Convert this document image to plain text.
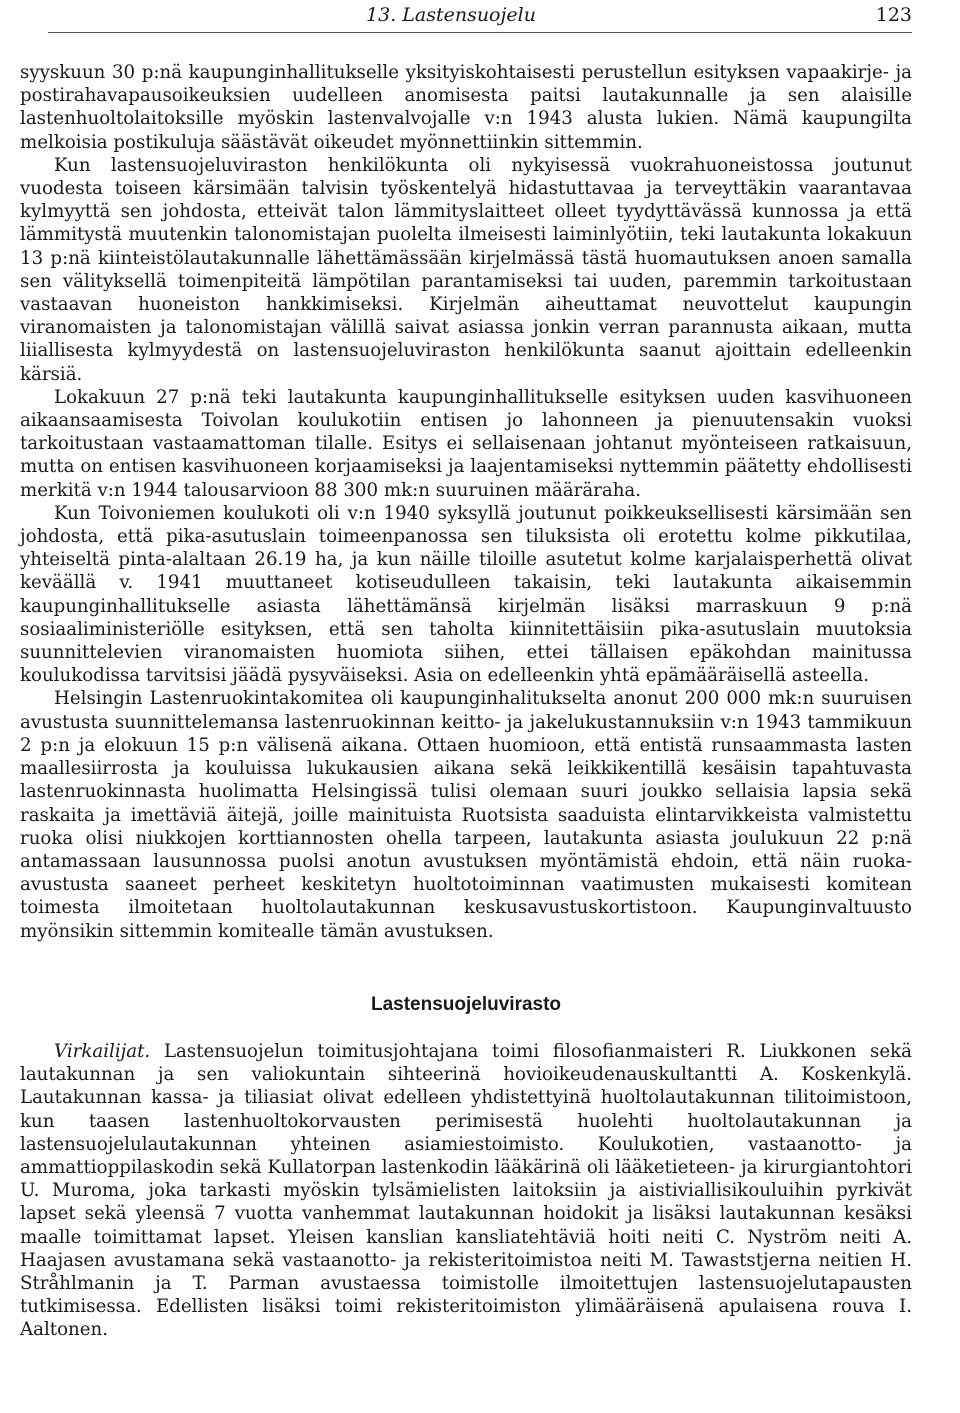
13. Lastensuojelu	123

syyskuun 30 p:nä kaupunginhallitukselle yksityiskohtaisesti perustellun esityksen vapaakirje- ja postirahavapausoikeuksien uudelleen anomisesta paitsi lautakunnalle ja sen alaisille lastenhuoltolaitoksille myöskin lastenvalvojalle v:n 1943 alusta lukien. Nämä kaupungilta melkoisia postikuluja säästävät oikeudet myönnettiinkin sittemmin.

Kun lastensuojeluviraston henkilökunta oli nykyisessä vuokrahuoneistossa joutunut vuodesta toiseen kärsimään talvisin työskentelyä hidastuttavaa ja terveyttäkin vaarantavaa kylmyyttä sen johdosta, etteivät talon lämmityslaitteet olleet tyydyttävässä kunnossa ja että lämmitystä muutenkin talonomistajan puolelta ilmeisesti laiminlyötiin, teki lautakunta lokakuun 13 p:nä kiinteistölautakunnalle lähettämässään kirjelmässä tästä huomautuksen anoen samalla sen välityksellä toimenpiteitä lämpötilan parantamiseksi tai uuden, paremmin tarkoitustaan vastaavan huoneiston hankkimiseksi. Kirjelmän aiheuttamat neuvottelut kaupungin viranomaisten ja talonomistajan välillä saivat asiassa jonkin verran parannusta aikaan, mutta liiallisesta kylmyydestä on lastensuojeluviraston henkilökunta saanut ajoittain edelleenkin kärsiä.

Lokakuun 27 p:nä teki lautakunta kaupunginhallitukselle esityksen uuden kasvihuoneen aikaansaamisesta Toivolan koulukotiin entisen jo lahonneen ja pienuutensakin vuoksi tarkoitustaan vastaamattoman tilalle. Esitys ei sellaisenaan johtanut myönteiseen ratkaisuun, mutta on entisen kasvihuoneen korjaamiseksi ja laajentamiseksi nyttemmin päätetty ehdollisesti merkitä v:n 1944 talousarvioon 88 300 mk:n suuruinen määräraha.

Kun Toivoniemen koulukoti oli v:n 1940 syksyllä joutunut poikkeuksellisesti kärsimään sen johdosta, että pika-asutuslain toimeenpanossa sen tiluksista oli erotettu kolme pikkutilaa, yhteiseltä pinta-alaltaan 26.19 ha, ja kun näille tiloille asutetut kolme karjalaisperhettä olivat keväällä v. 1941 muuttaneet kotiseudulleen takaisin, teki lautakunta aikaisemmin kaupunginhallitukselle asiasta lähettämänsä kirjelmän lisäksi marraskuun 9 p:nä sosiaaliministeriölle esityksen, että sen taholta kiinnitettäisiin pika-asutuslain muutoksia suunnittelevien viranomaisten huomiota siihen, ettei tällaisen epäkohdan mainitussa koulukodissa tarvitsisi jäädä pysyväiseksi. Asia on edelleenkin yhtä epämääräisellä asteella.

Helsingin Lastenruokintakomitea oli kaupunginhalitukselta anonut 200 000 mk:n suuruisen avustusta suunnittelemansa lastenruokinnan keitto- ja jakelukustannuksiin v:n 1943 tammikuun 2 p:n ja elokuun 15 p:n välisenä aikana. Ottaen huomioon, että entistä runsaammasta lasten maallesiirrosta ja kouluissa lukukausien aikana sekä leikkikentillä kesäisin tapahtuvasta lastenruokinnasta huolimatta Helsingissä tulisi olemaan suuri joukko sellaisia lapsia sekä raskaita ja imettäviä äitejä, joille mainituista Ruotsista saaduista elintarvikkeista valmistettu ruoka olisi niukkojen korttiannosten ohella tarpeen, lautakunta asiasta joulukuun 22 p:nä antamassaan lausunnossa puolsi anotun avustuksen myöntämistä ehdoin, että näin ruoka-avustusta saaneet perheet keskitetyn huoltotoiminnan vaatimusten mukaisesti komitean toimesta ilmoitetaan huoltolautakunnan keskusavustuskortistoon. Kaupunginvaltuusto myönsikin sittemmin komitealle tämän avustuksen.

Lastensuojeluvirasto

Virkailijat. Lastensuojelun toimitusjohtajana toimi filosofianmaisteri R. Liukkonen sekä lautakunnan ja sen valiokuntain sihteerinä hovioikeudenauskultantti A. Koskenkylä. Lautakunnan kassa- ja tiliasiat olivat edelleen yhdistettyinä huoltolautakunnan tilitoimistoon, kun taasen lastenhuoltokorvausten perimisestä huolehti huoltolautakunnan ja lastensuojelulautakunnan yhteinen asiamiestoimisto. Koulukotien, vastaanotto- ja ammattioppilaskodin sekä Kullatorpan lastenkodin lääkärinä oli lääketieteen- ja kirurgiantohtori U. Muroma, joka tarkasti myöskin tylsämielisten laitoksiin ja aistiviallisikouluihin pyrkivät lapset sekä yleensä 7 vuotta vanhemmat lautakunnan hoidokit ja lisäksi lautakunnan kesäksi maalle toimittamat lapset. Yleisen kanslian kansliatehtäviä hoiti neiti C. Nyström neiti A. Haajasen avustamana sekä vastaanotto- ja rekisteritoimistoa neiti M. Tawaststjerna neitien H. Stråhlmanin ja T. Parman avustaessa toimistolle ilmoitettujen lastensuojelutapausten tutkimisessa. Edellisten lisäksi toimi rekisteritoimiston ylimääräisenä apulaisena rouva I. Aaltonen.
